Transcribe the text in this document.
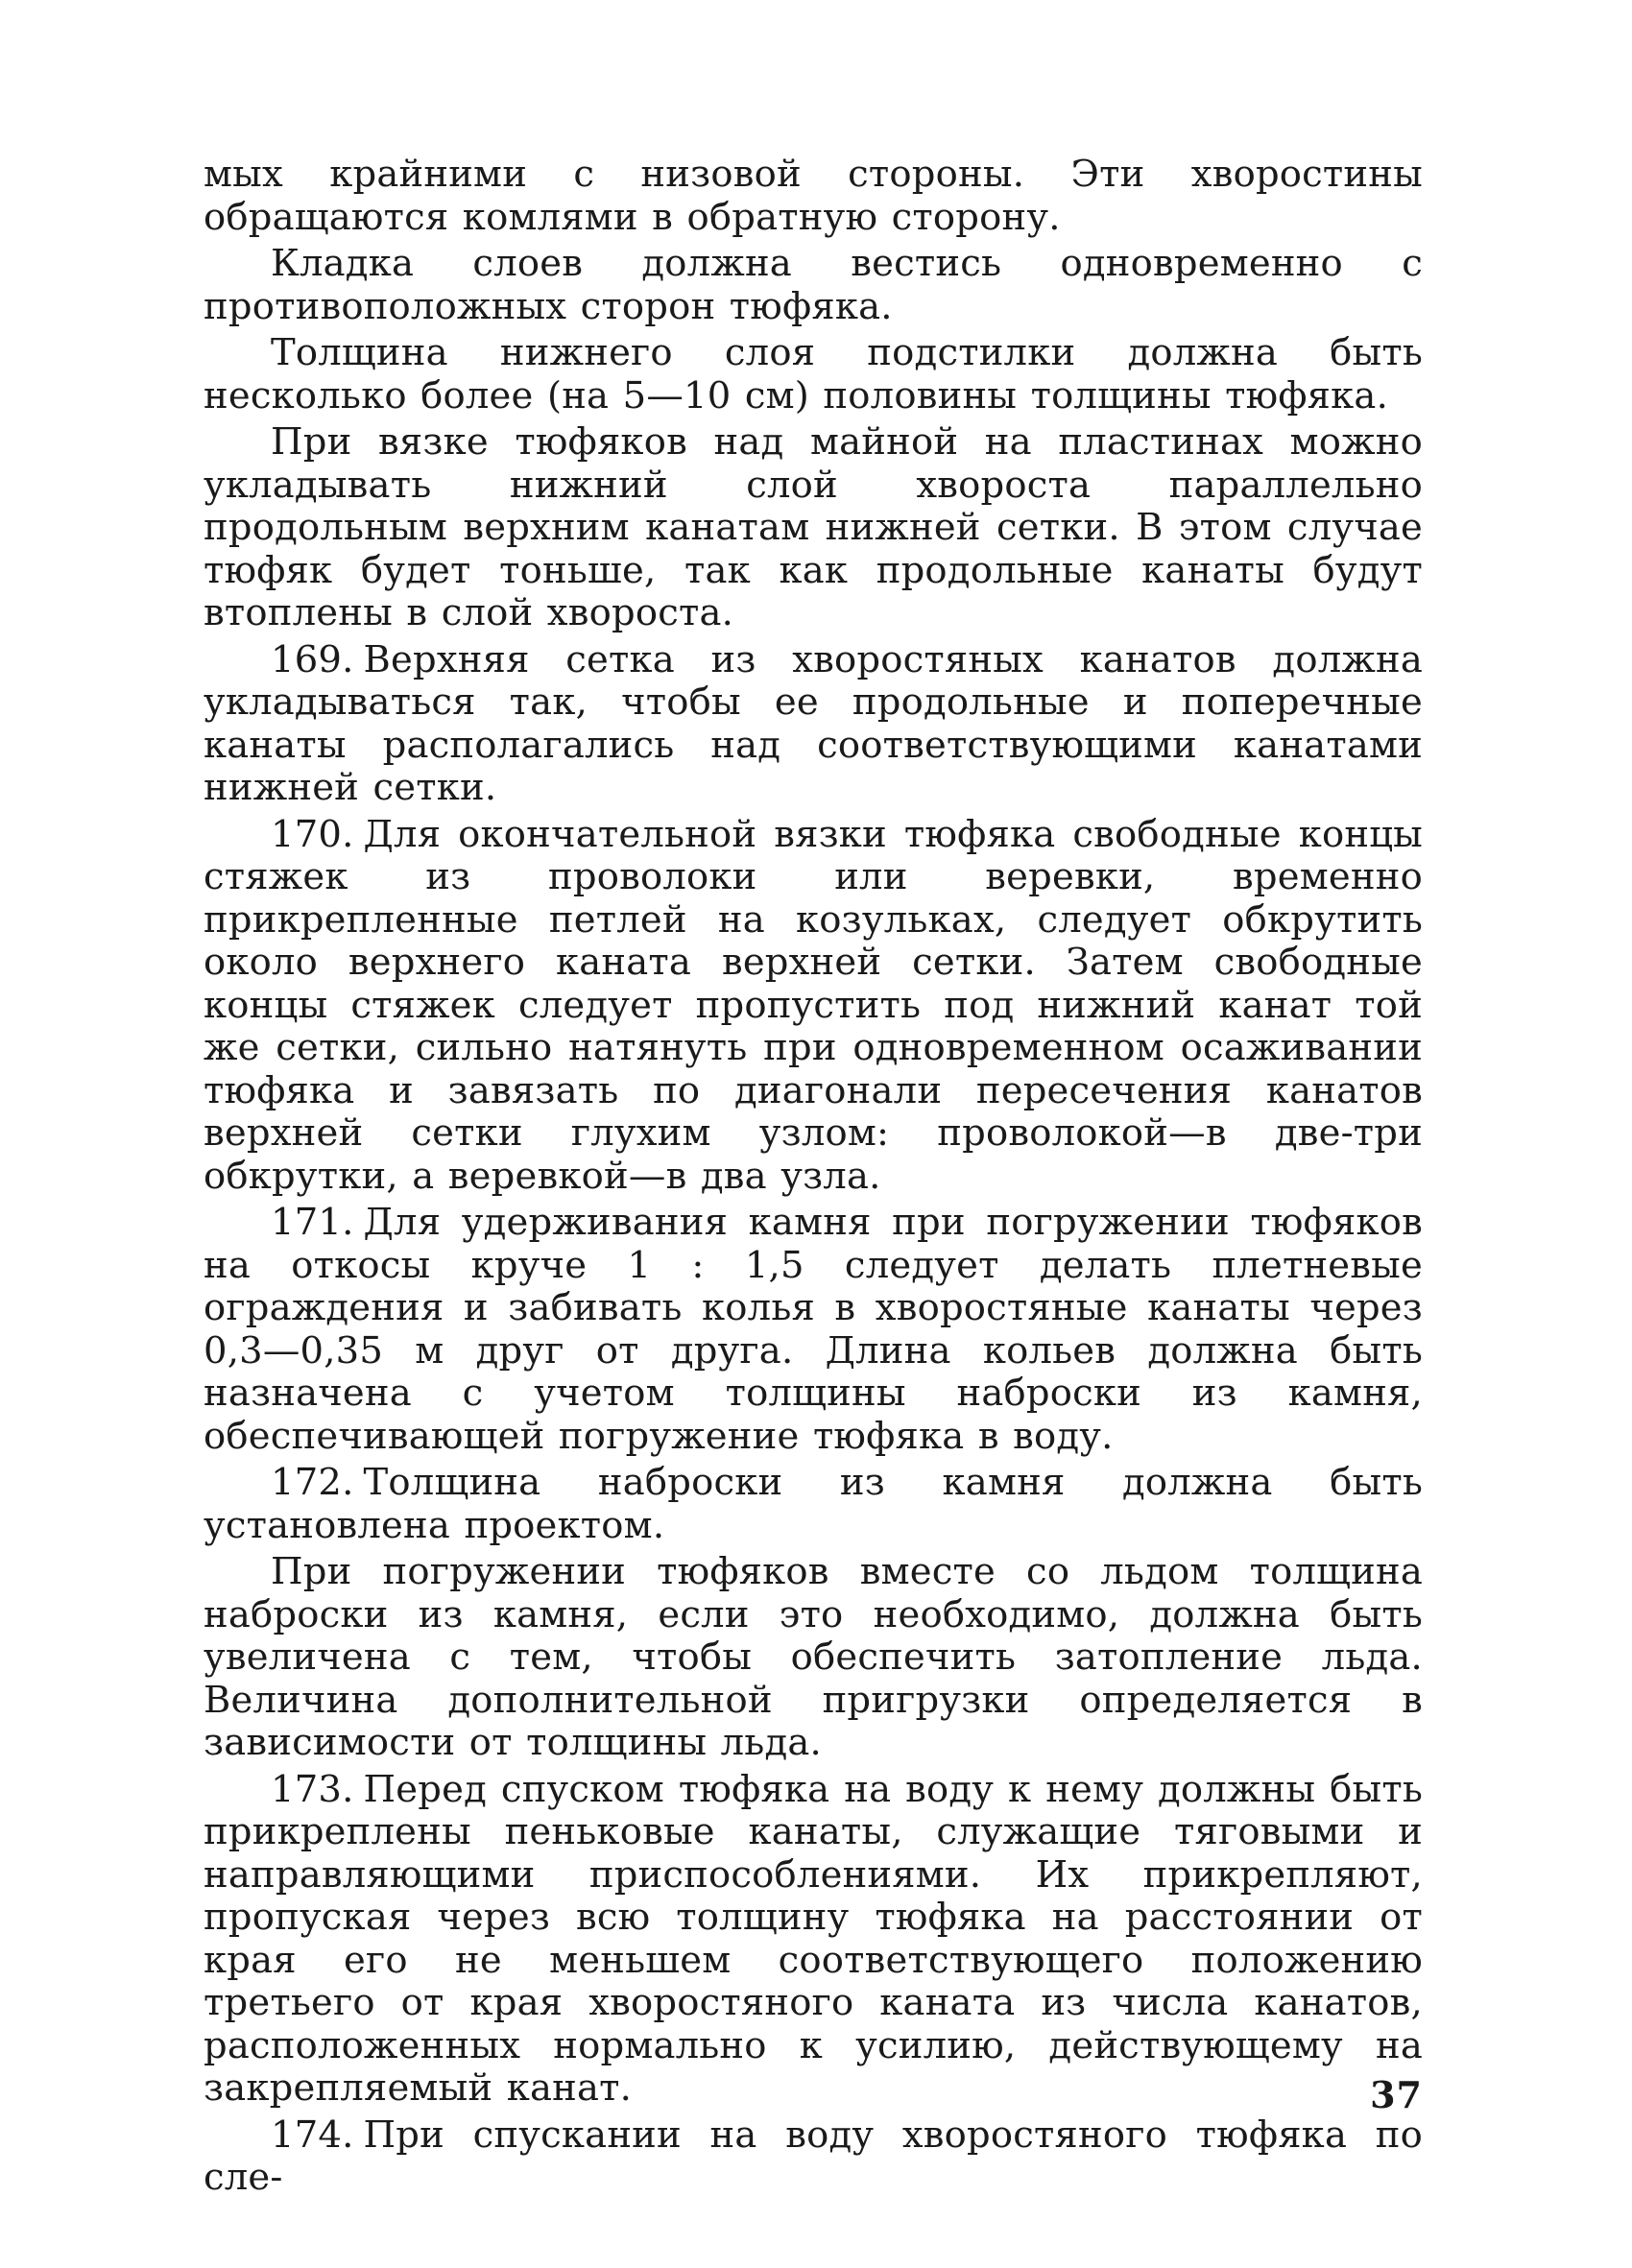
мых крайними с низовой стороны. Эти хворостины обращаются комлями в обратную сторону.

Кладка слоев должна вестись одновременно с противоположных сторон тюфяка.

Толщина нижнего слоя подстилки должна быть несколько более (на 5—10 см) половины толщины тюфяка.

При вязке тюфяков над майной на пластинах можно укладывать нижний слой хвороста параллельно продольным верхним канатам нижней сетки. В этом случае тюфяк будет тоньше, так как продольные канаты будут втоплены в слой хвороста.

169. Верхняя сетка из хворостяных канатов должна укладываться так, чтобы ее продольные и поперечные канаты располагались над соответствующими канатами нижней сетки.

170. Для окончательной вязки тюфяка свободные концы стяжек из проволоки или веревки, временно прикрепленные петлей на козульках, следует обкрутить около верхнего каната верхней сетки. Затем свободные концы стяжек следует пропустить под нижний канат той же сетки, сильно натянуть при одновременном осаживании тюфяка и завязать по диагонали пересечения канатов верхней сетки глухим узлом: проволокой—в две-три обкрутки, а веревкой—в два узла.

171. Для удерживания камня при погружении тюфяков на откосы круче 1 : 1,5 следует делать плетневые ограждения и забивать колья в хворостяные канаты через 0,3—0,35 м друг от друга. Длина кольев должна быть назначена с учетом толщины наброски из камня, обеспечивающей погружение тюфяка в воду.

172. Толщина наброски из камня должна быть установлена проектом.

При погружении тюфяков вместе со льдом толщина наброски из камня, если это необходимо, должна быть увеличена с тем, чтобы обеспечить затопление льда. Величина дополнительной пригрузки определяется в зависимости от толщины льда.

173. Перед спуском тюфяка на воду к нему должны быть прикреплены пеньковые канаты, служащие тяговыми и направляющими приспособлениями. Их прикрепляют, пропуская через всю толщину тюфяка на расстоянии от края его не меньшем соответствующего положению третьего от края хворостяного каната из числа канатов, расположенных нормально к усилию, действующему на закрепляемый канат.

174. При спускании на воду хворостяного тюфяка по сле-

37
